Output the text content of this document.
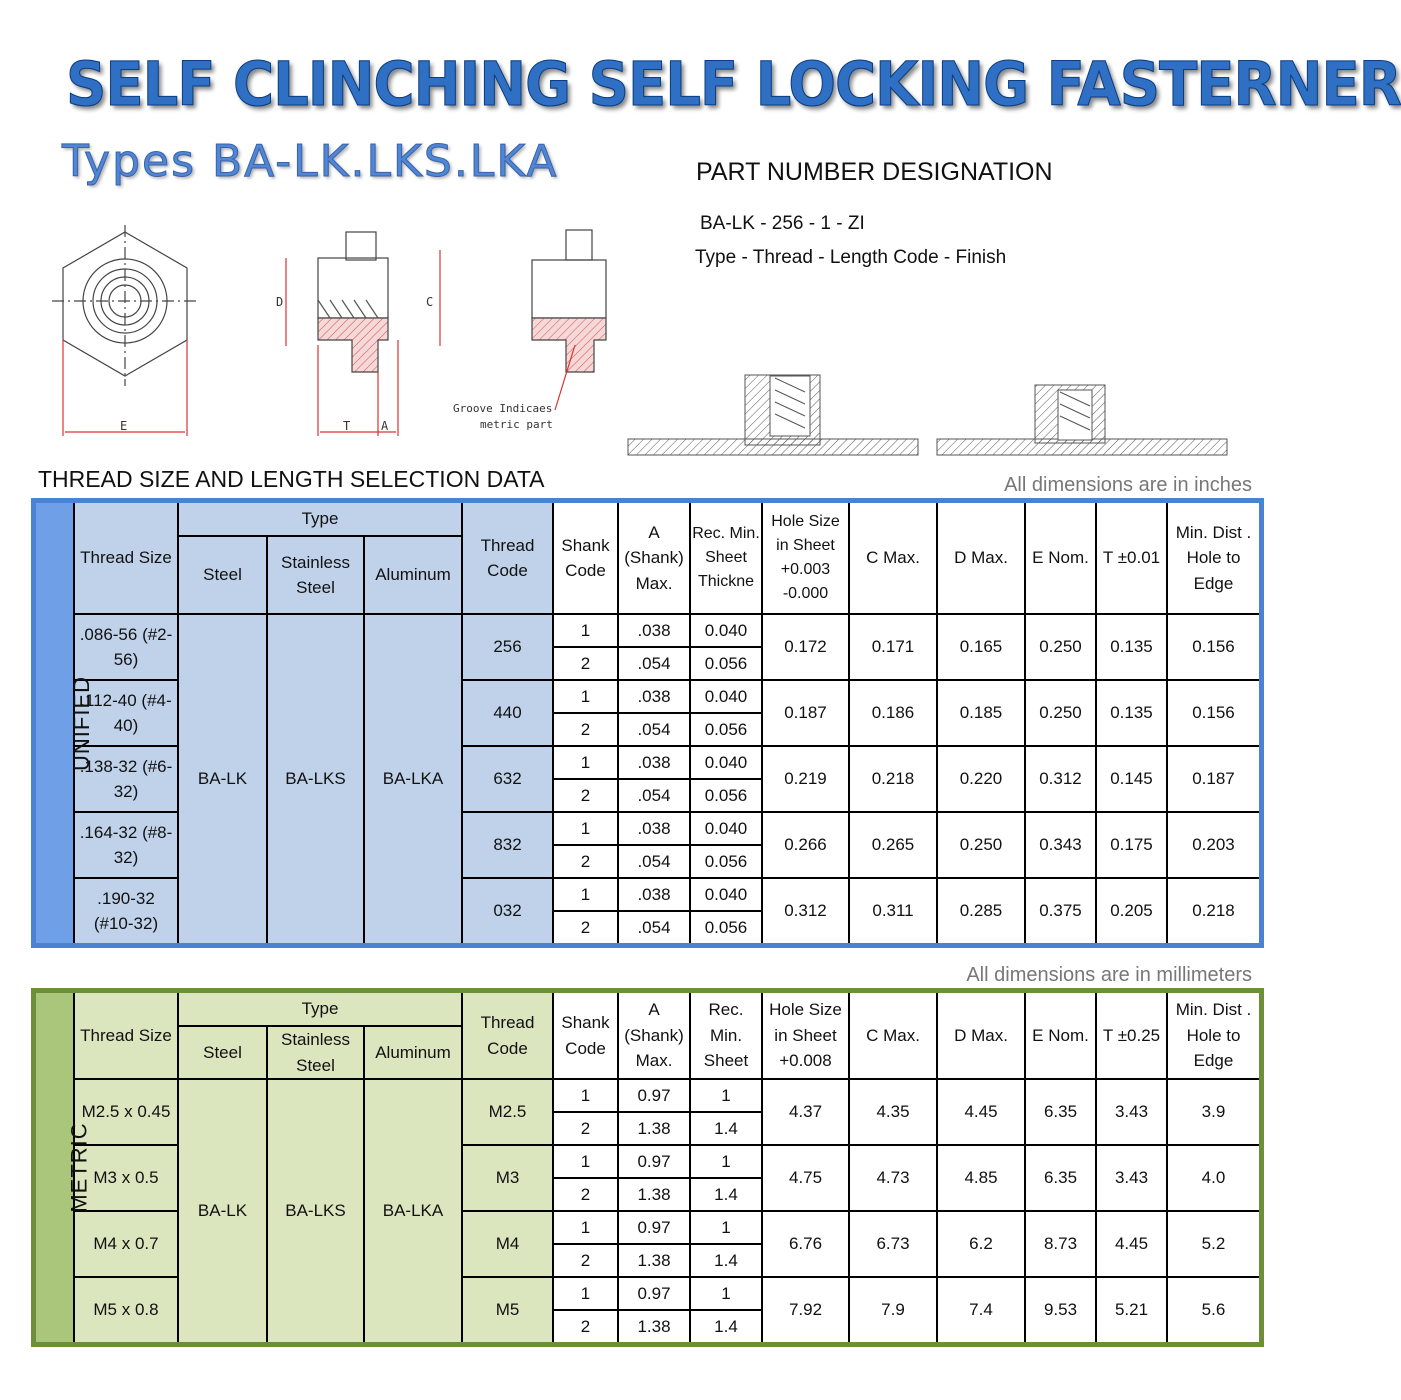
SELF CLINCHING SELF LOCKING FASTERNER
Types BA-LK.LKS.LKA	PART NUMBER DESIGNATION
BA-LK - 256 - 1 - ZI
Type - Thread - Length Code - Finish
E
D	C
T	A
Groove Indicaes
metric part
THREAD SIZE AND LENGTH SELECTION DATA	All dimensions are in inches
All dimensions are in millimeters
UNIFIED	Thread Size	Type			Thread Code	Shank Code	A (Shank) Max.	Rec. Min. Sheet Thickne	Hole Size in Sheet +0.003 -0.000	C Max.	D Max.	E Nom.	T ±0.01	Min. Dist . Hole to Edge
		Steel	Stainless Steel	Aluminum										
	.086-56 (#2-56)	BA-LK	BA-LKS	BA-LKA	256	1	.038	0.040	0.172	0.171	0.165	0.250	0.135	0.156
						2	.054	0.056						
	.112-40 (#4-40)				440	1	.038	0.040	0.187	0.186	0.185	0.250	0.135	0.156
						2	.054	0.056						
	.138-32 (#6-32)				632	1	.038	0.040	0.219	0.218	0.220	0.312	0.145	0.187
						2	.054	0.056						
	.164-32 (#8-32)				832	1	.038	0.040	0.266	0.265	0.250	0.343	0.175	0.203
						2	.054	0.056						
	.190-32 (#10-32)				032	1	.038	0.040	0.312	0.311	0.285	0.375	0.205	0.218
						2	.054	0.056						
METRIC	Thread Size	Type			Thread Code	Shank Code	A (Shank) Max.	Rec. Min. Sheet	Hole Size in Sheet +0.008	C Max.	D Max.	E Nom.	T ±0.25	Min. Dist . Hole to Edge
		Steel	Stainless Steel	Aluminum										
	M2.5 x 0.45	BA-LK	BA-LKS	BA-LKA	M2.5	1	0.97	1	4.37	4.35	4.45	6.35	3.43	3.9
						2	1.38	1.4						
	M3 x 0.5				M3	1	0.97	1	4.75	4.73	4.85	6.35	3.43	4.0
						2	1.38	1.4						
	M4 x 0.7				M4	1	0.97	1	6.76	6.73	6.2	8.73	4.45	5.2
						2	1.38	1.4						
	M5 x 0.8				M5	1	0.97	1	7.92	7.9	7.4	9.53	5.21	5.6
						2	1.38	1.4						
